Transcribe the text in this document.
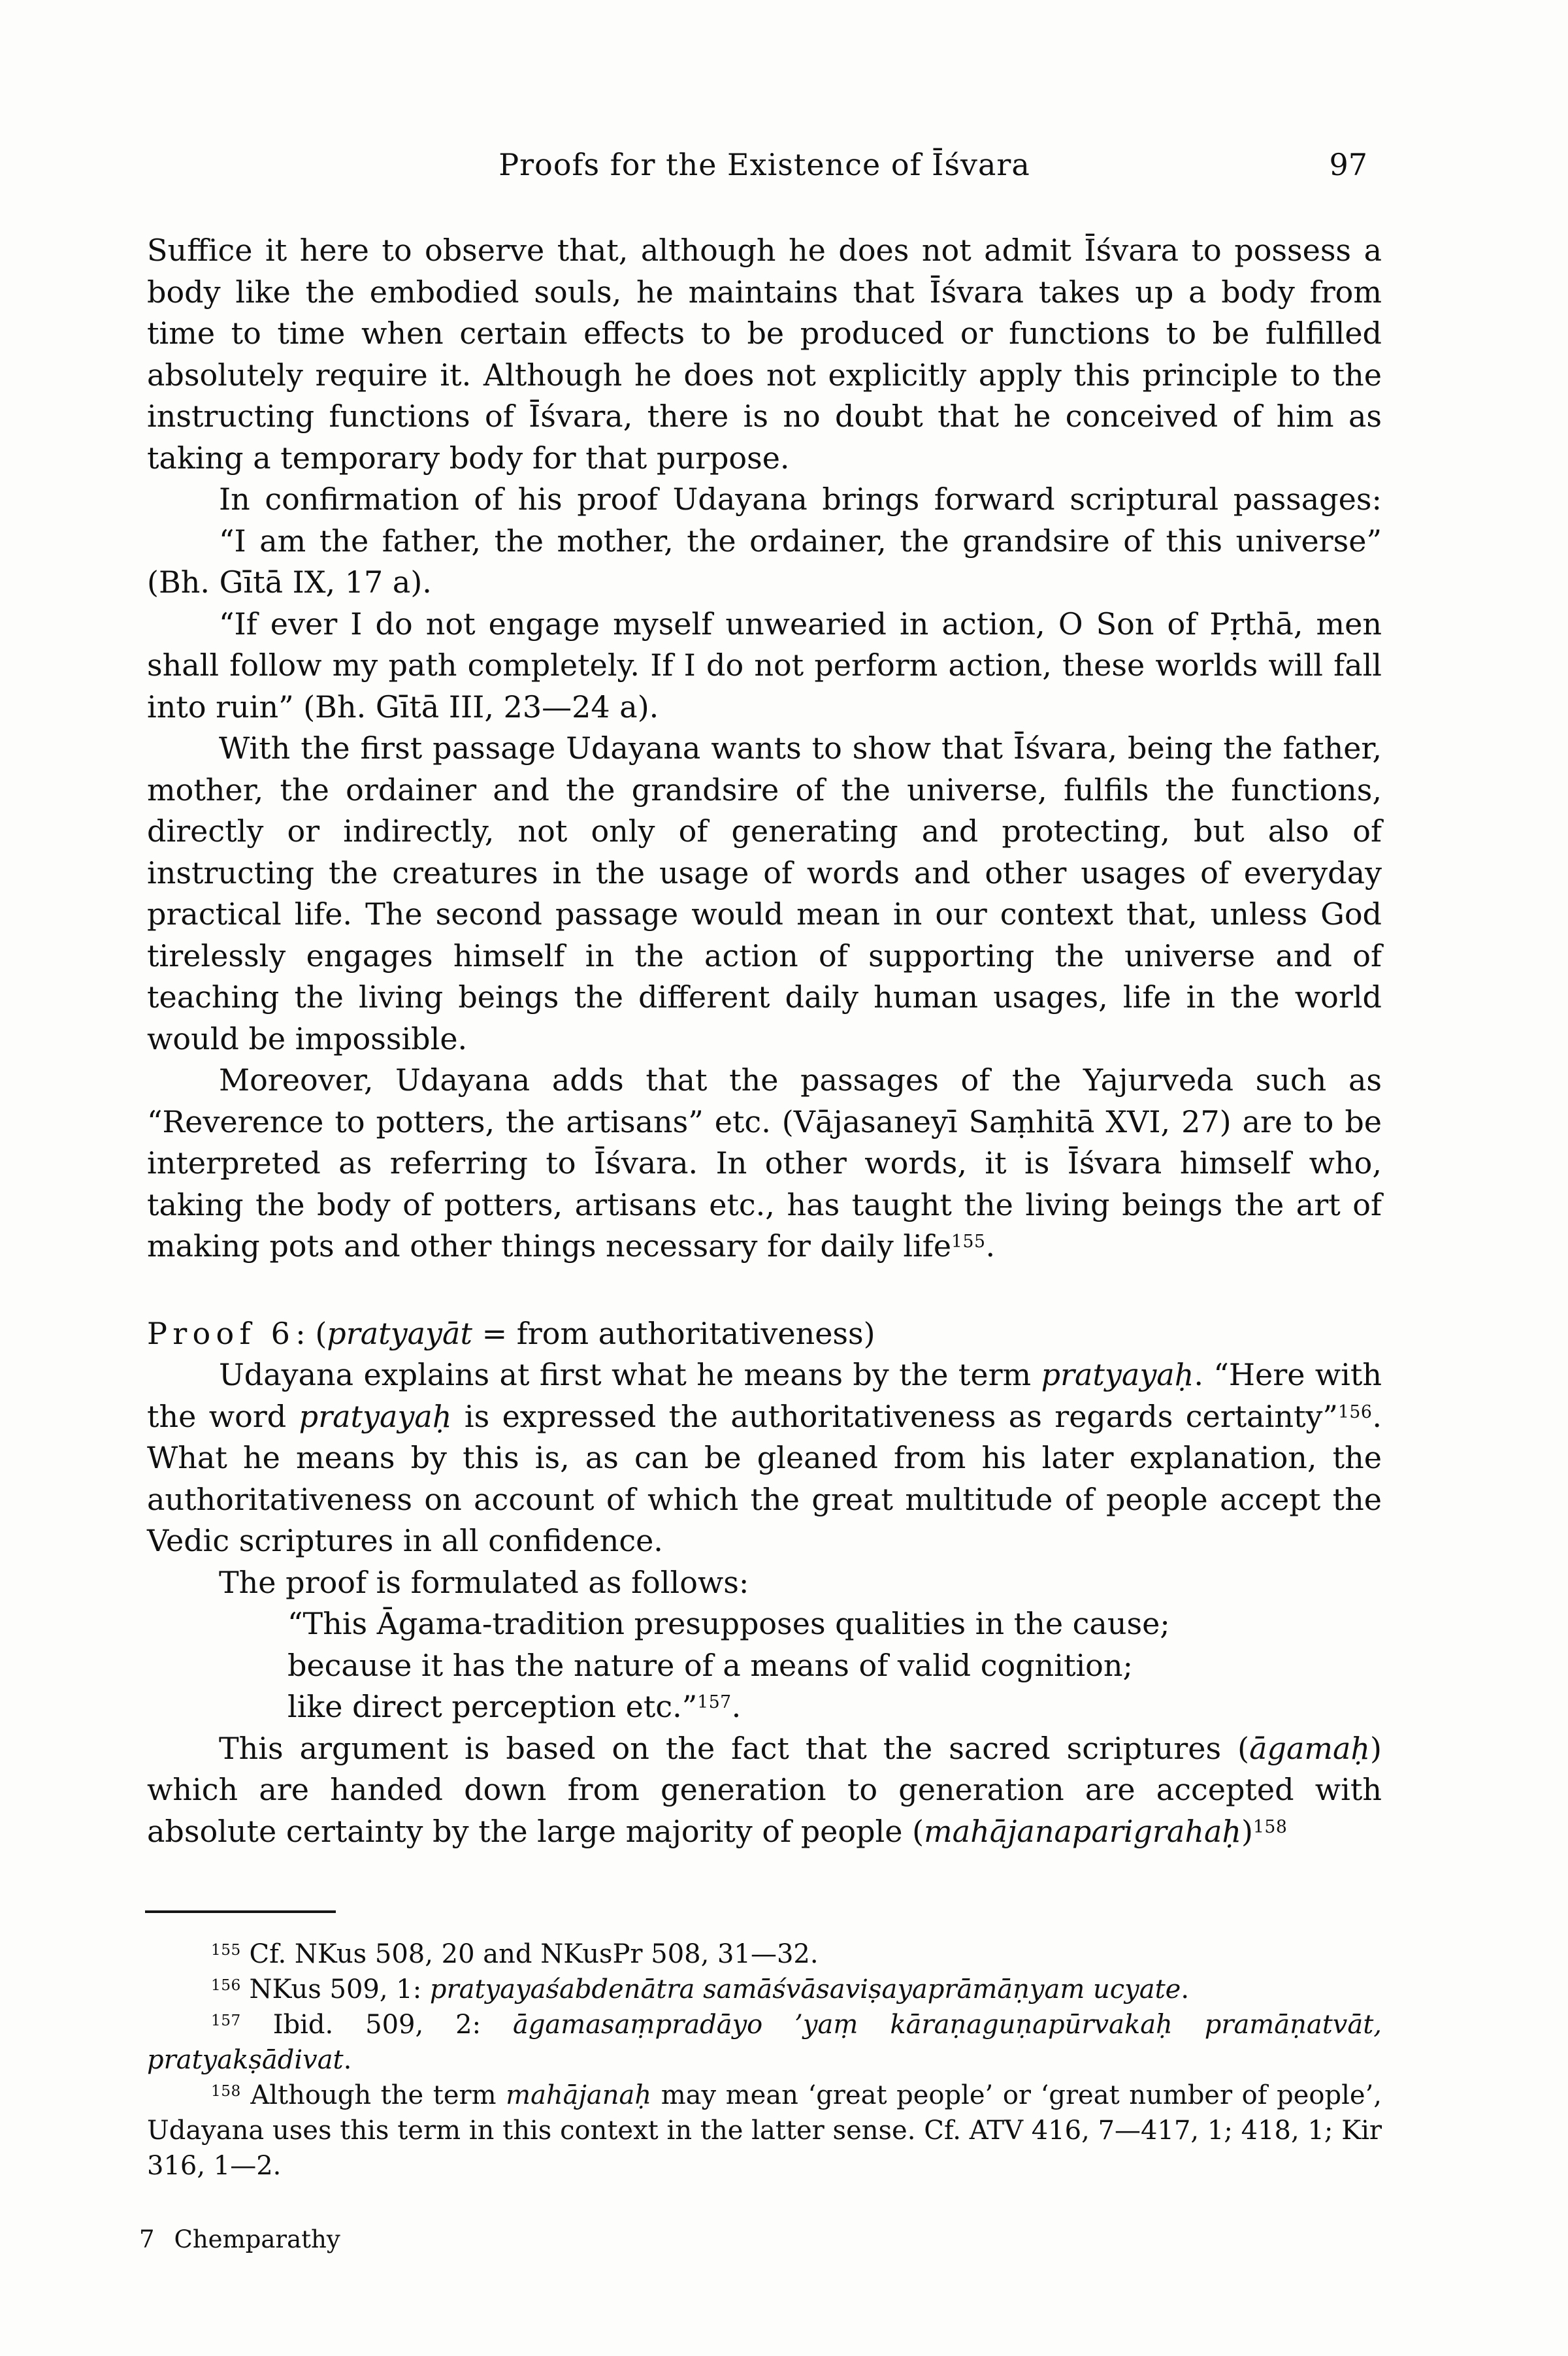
Proofs for the Existence of Īśvara	97

Suffice it here to observe that, although he does not admit Īśvara to possess a body like the embodied souls, he maintains that Īśvara takes up a body from time to time when certain effects to be produced or functions to be fulfilled absolutely require it. Although he does not explicitly apply this principle to the instructing functions of Īśvara, there is no doubt that he conceived of him as taking a temporary body for that purpose.

In confirmation of his proof Udayana brings forward scriptural passages:

“I am the father, the mother, the ordainer, the grandsire of this universe” (Bh. Gītā IX, 17 a).

“If ever I do not engage myself unwearied in action, O Son of Pṛthā, men shall follow my path completely. If I do not perform action, these worlds will fall into ruin” (Bh. Gītā III, 23—24 a).

With the first passage Udayana wants to show that Īśvara, being the father, mother, the ordainer and the grandsire of the universe, fulfils the functions, directly or indirectly, not only of generating and protecting, but also of instructing the creatures in the usage of words and other usages of everyday practical life. The second passage would mean in our context that, unless God tirelessly engages himself in the action of supporting the universe and of teaching the living beings the different daily human usages, life in the world would be impossible.

Moreover, Udayana adds that the passages of the Yajurveda such as “Reverence to potters, the artisans” etc. (Vājasaneyī Saṃhitā XVI, 27) are to be interpreted as referring to Īśvara. In other words, it is Īśvara himself who, taking the body of potters, artisans etc., has taught the living beings the art of making pots and other things necessary for daily life$^{155}$.

Proof 6: (pratyayāt = from authoritativeness)

Udayana explains at first what he means by the term pratyayaḥ. “Here with the word pratyayaḥ is expressed the authoritativeness as regards certainty”$^{156}$. What he means by this is, as can be gleaned from his later explanation, the authoritativeness on account of which the great multitude of people accept the Vedic scriptures in all confidence.

The proof is formulated as follows:

“This Āgama-tradition presupposes qualities in the cause;
because it has the nature of a means of valid cognition;
like direct perception etc.”$^{157}$.

This argument is based on the fact that the sacred scriptures (āgamaḥ) which are handed down from generation to generation are accepted with absolute certainty by the large majority of people (mahājanaparigrahaḥ)$^{158}$

$^{155}$ Cf. NKus 508, 20 and NKusPr 508, 31—32.

$^{156}$ NKus 509, 1: pratyayaśabdenātra samāśvāsaviṣayaprāmāṇyam ucyate.

$^{157}$ Ibid. 509, 2: āgamasaṃpradāyo ’yaṃ kāraṇaguṇapūrvakaḥ pramāṇatvāt, pratyakṣādivat.

$^{158}$ Although the term mahājanaḥ may mean ‘great people’ or ‘great number of people’, Udayana uses this term in this context in the latter sense. Cf. ATV 416, 7—417, 1; 418, 1; Kir 316, 1—2.

7 Chemparathy
